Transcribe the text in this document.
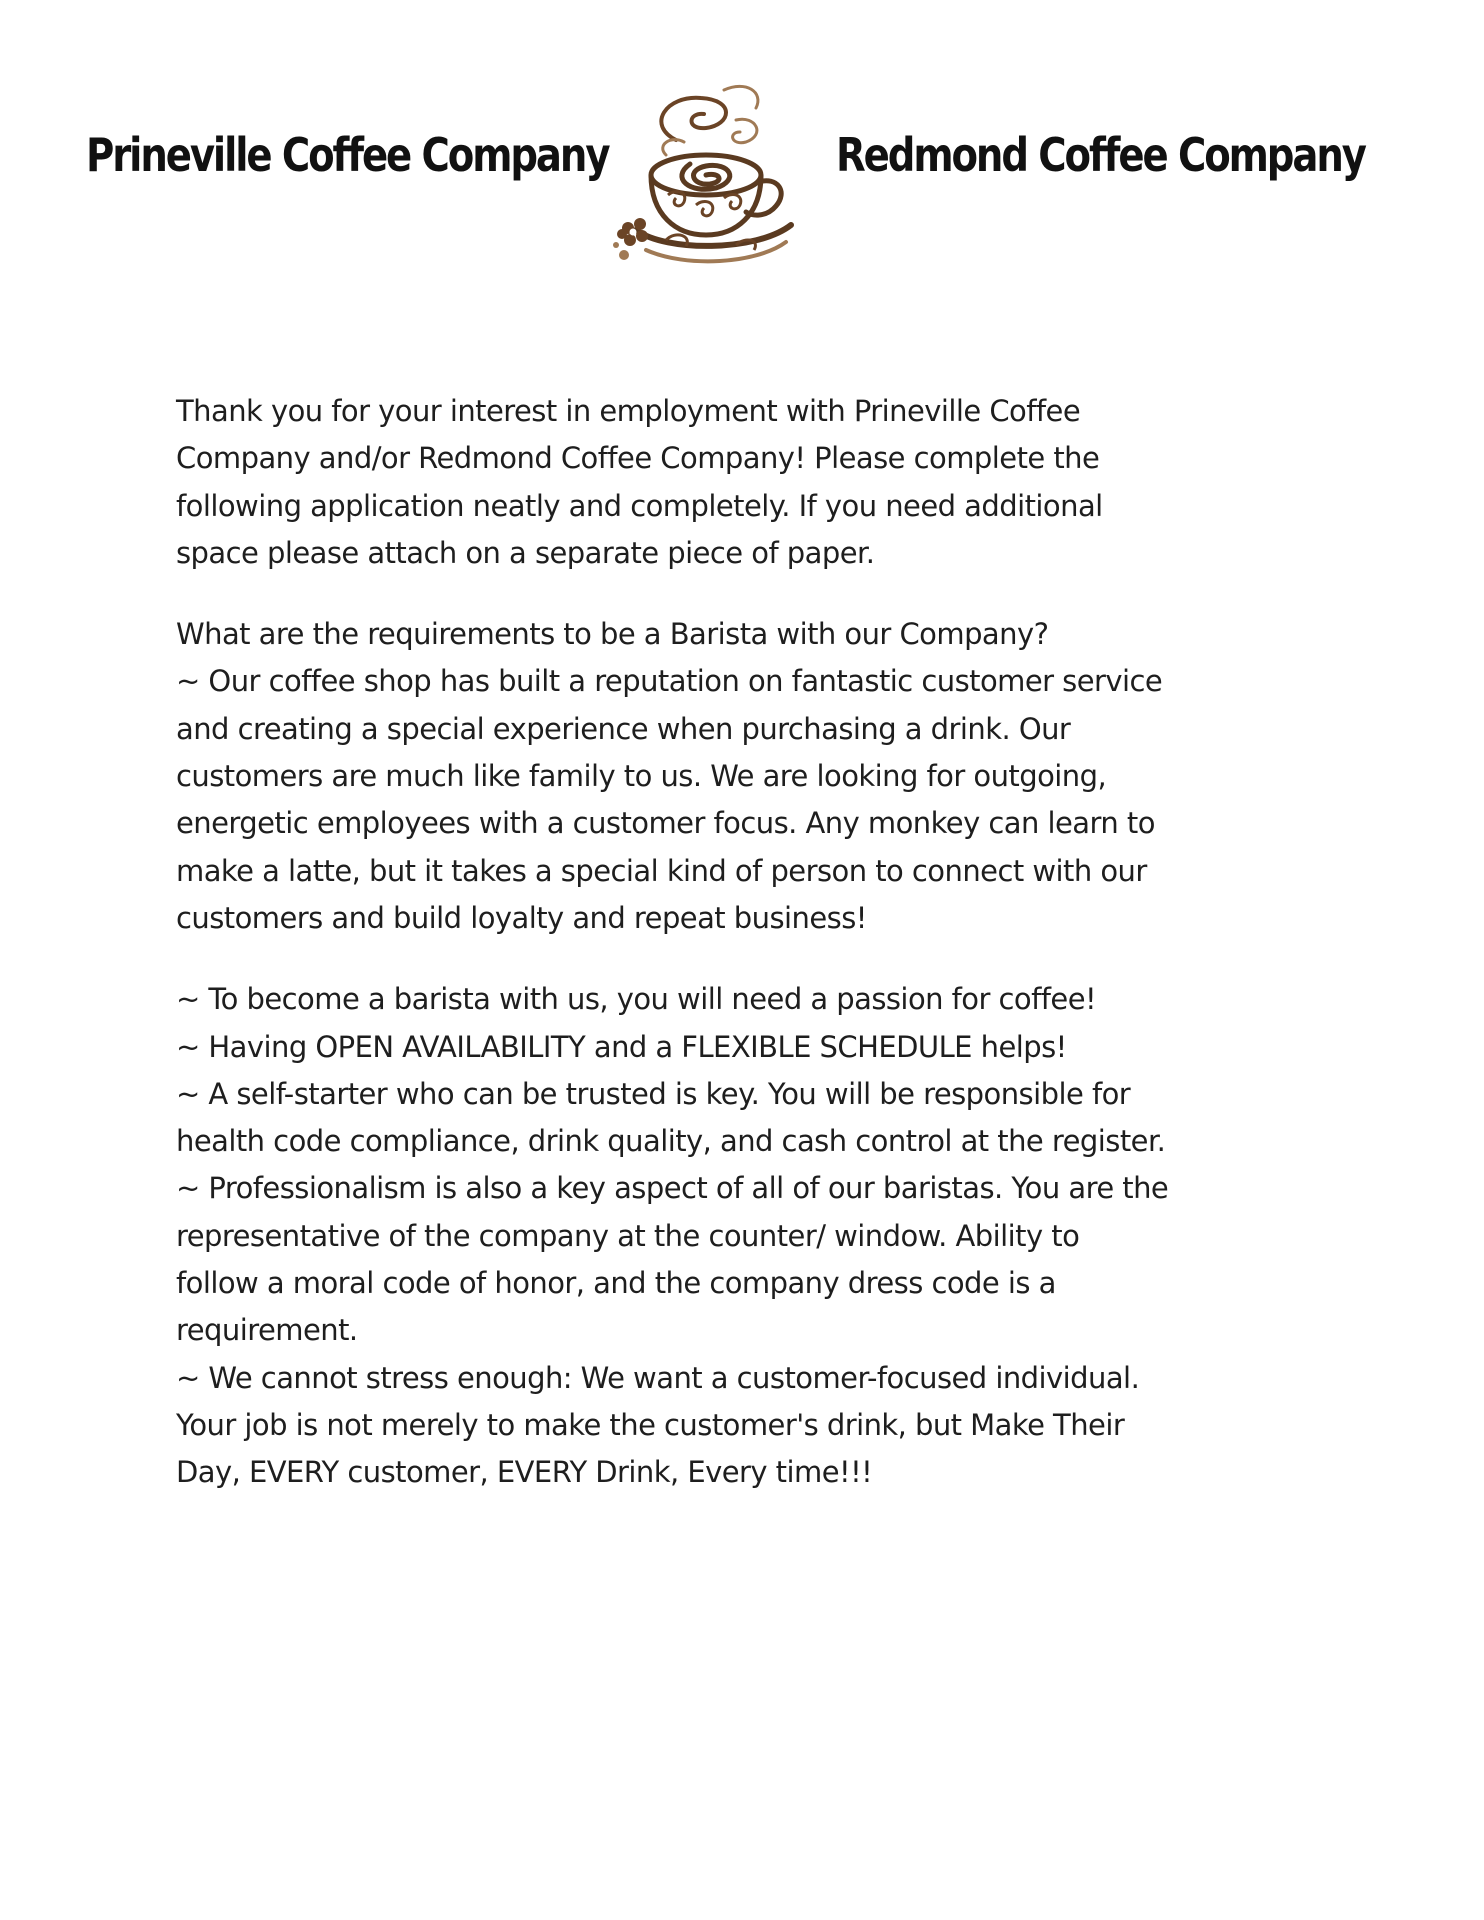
Prineville Coffee Company	Redmond Coffee Company

Thank you for your interest in employment with Prineville Coffee
Company and/or Redmond Coffee Company! Please complete the
following application neatly and completely. If you need additional
space please attach on a separate piece of paper.

What are the requirements to be a Barista with our Company?
~ Our coffee shop has built a reputation on fantastic customer service
and creating a special experience when purchasing a drink. Our
customers are much like family to us. We are looking for outgoing,
energetic employees with a customer focus. Any monkey can learn to
make a latte, but it takes a special kind of person to connect with our
customers and build loyalty and repeat business!

~ To become a barista with us, you will need a passion for coffee!
~ Having OPEN AVAILABILITY and a FLEXIBLE SCHEDULE helps!
~ A self-starter who can be trusted is key. You will be responsible for
health code compliance, drink quality, and cash control at the register.
~ Professionalism is also a key aspect of all of our baristas. You are the
representative of the company at the counter/ window. Ability to
follow a moral code of honor, and the company dress code is a
requirement.
~ We cannot stress enough: We want a customer-focused individual.
Your job is not merely to make the customer's drink, but Make Their
Day, EVERY customer, EVERY Drink, Every time!!!
